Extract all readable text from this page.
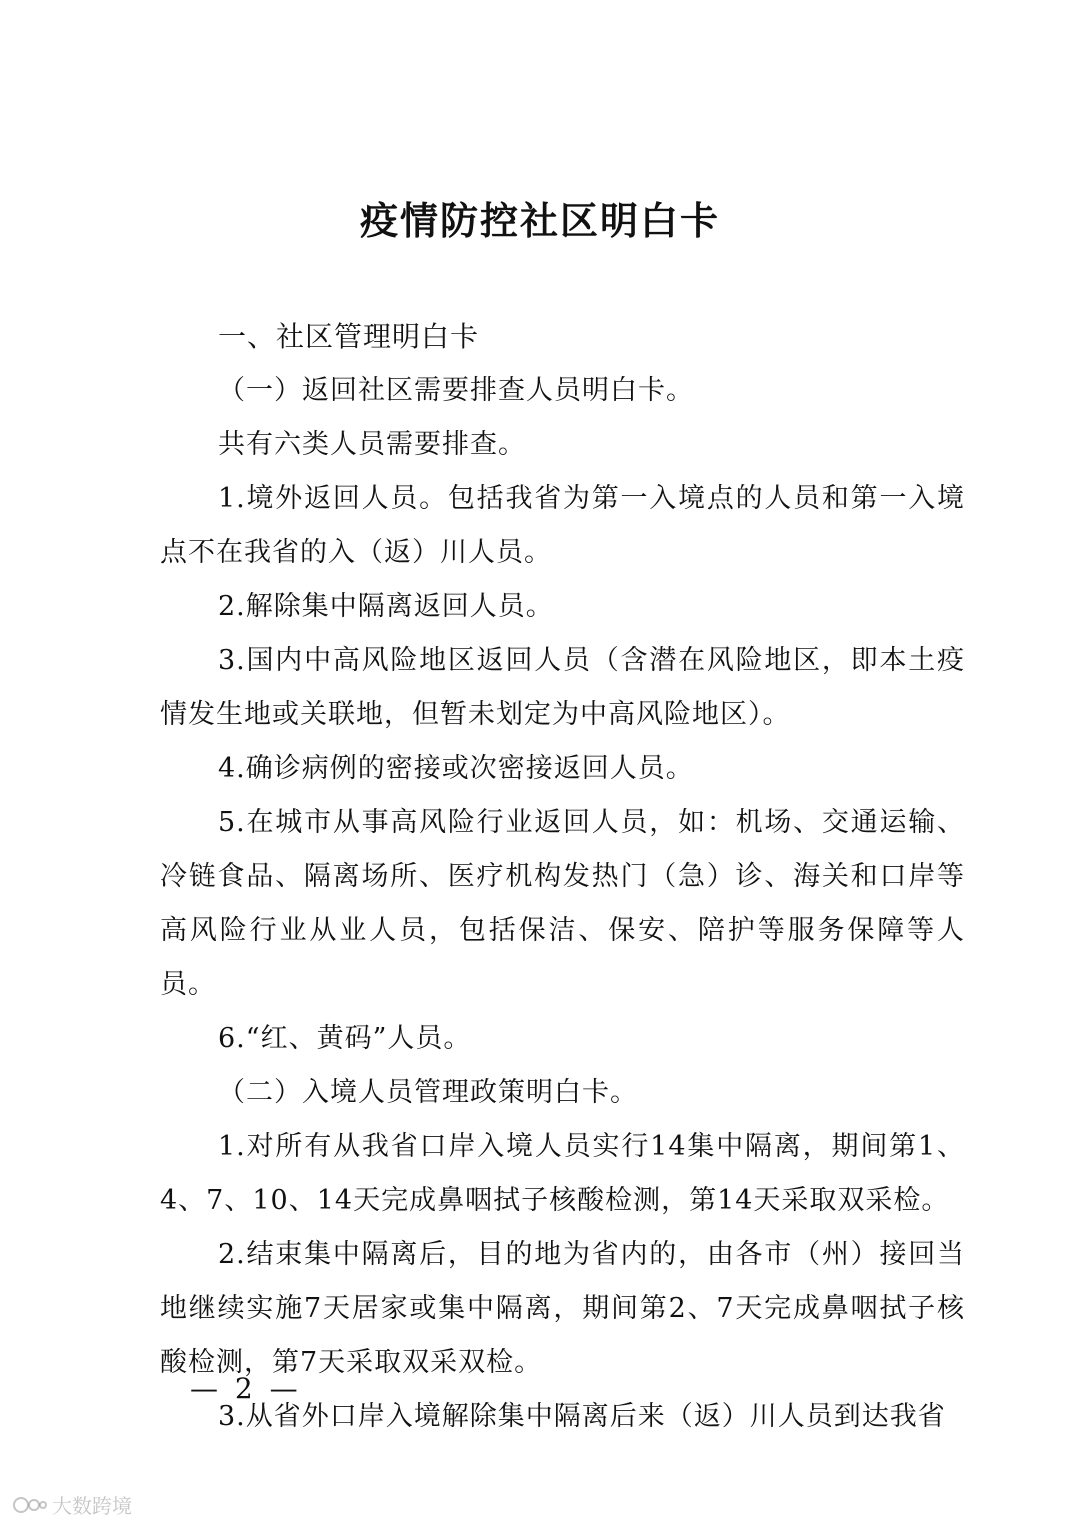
疫情防控社区明白卡

一、社区管理明白卡

（一）返回社区需要排查人员明白卡。

共有六类人员需要排查。

1.境外返回人员。包括我省为第一入境点的人员和第一入境点不在我省的入（返）川人员。

2.解除集中隔离返回人员。

3.国内中高风险地区返回人员（含潜在风险地区，即本土疫情发生地或关联地，但暂未划定为中高风险地区）。

4.确诊病例的密接或次密接返回人员。

5.在城市从事高风险行业返回人员，如：机场、交通运输、冷链食品、隔离场所、医疗机构发热门（急）诊、海关和口岸等高风险行业从业人员，包括保洁、保安、陪护等服务保障等人员。

6.“红、黄码”人员。

（二）入境人员管理政策明白卡。

1.对所有从我省口岸入境人员实行14集中隔离，期间第1、4、7、10、14天完成鼻咽拭子核酸检测，第14天采取双采检。

2.结束集中隔离后，目的地为省内的，由各市（州）接回当地继续实施7天居家或集中隔离，期间第2、7天完成鼻咽拭子核酸检测，第7天采取双采双检。

3.从省外口岸入境解除集中隔离后来（返）川人员到达我省

— 2 —
大数跨境
